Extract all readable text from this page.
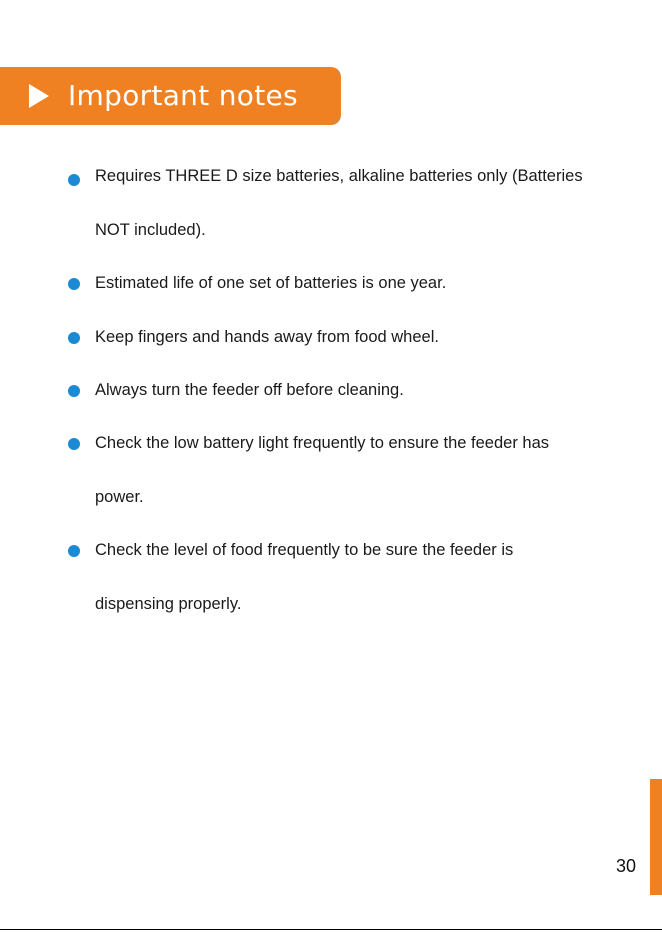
Important notes
Requires THREE D size batteries, alkaline batteries only (Batteries NOT included).
Estimated life of one set of batteries is one year.
Keep fingers and hands away from food wheel.
Always turn the feeder off before cleaning.
Check the low battery light frequently to ensure the feeder has power.
Check the level of food frequently to be sure the feeder is dispensing properly.
30
